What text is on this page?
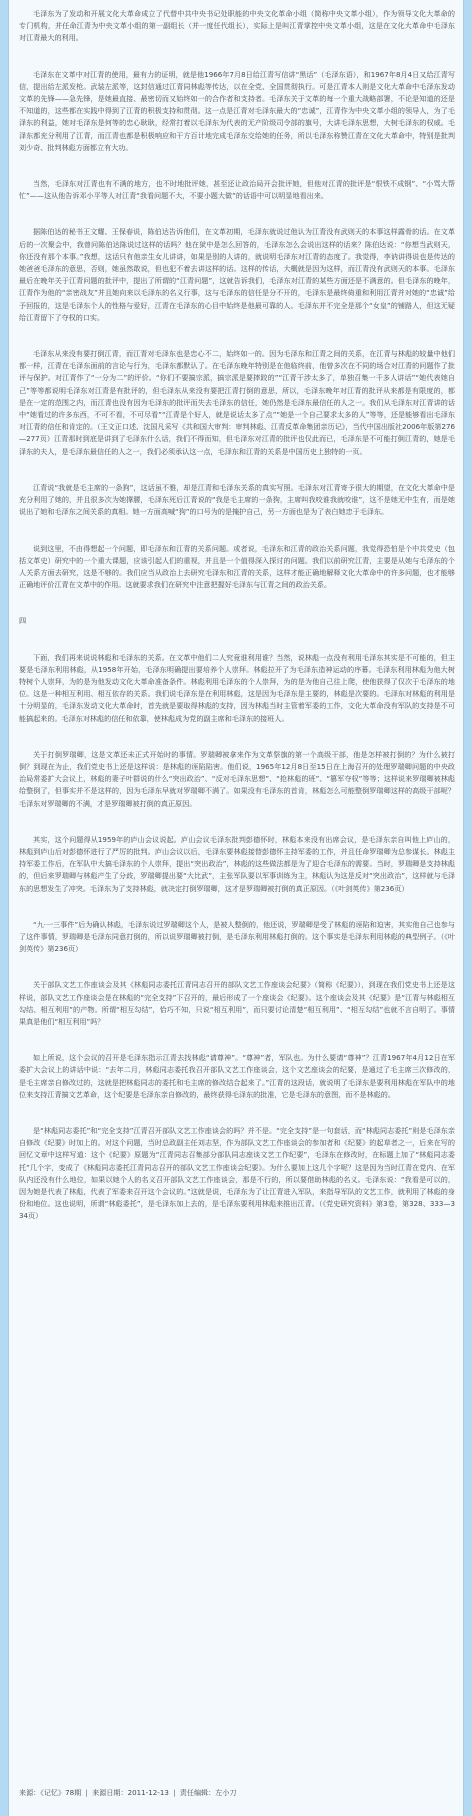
毛泽东为了发动和开展文化大革命成立了代替中共中央书记处职能的中央文化革命小组（简称中央文革小组），作为领导文化大革命的专门机构，并任命江青为中央文革小组的第一副组长（并一度任代组长），实际上是叫江青掌控中央文革小组，这是在文化大革命中毛泽东对江青最大的利用。

毛泽东在文革中对江青的使用，最有力的证明，就是他1966年7月8日给江青写信讲“黑话”（毛泽东语），和1967年8月4日又给江青写信，提出给左派发枪。武装左派等，这封信通过江青同林彪等传达，以在全党、全国贯彻执行。可是江青本人则是文化大革命中毛泽东发动文革的先锋——急先锋，是她最直接、最密切而又始终如一的合作者和支持者。毛泽东关于文革的每一个重大战略部署，不论是知道的还是不知道的，这些都在实践中得到了江青的积极支持和贯彻。这一点是江青对毛泽东最大的“忠诚”，江青作为中央文革小组的领导人，为了毛泽东的利益，她对毛泽东是何等的忠心耿耿，经常打着以毛泽东为代表的无产阶级司令部的旗号，大讲毛泽东思想，大树毛泽东的权威。毛泽东都充分利用了江青，而江青也都是积极响应和干方百计地完成毛泽东交给她的任务，所以毛泽东称赞江青在文化大革命中，特别是批判刘少奇、批判林彪方面都立有大功。

当然，毛泽东对江青也有不满的地方，也不时地批评她，甚至还让政治局开会批评她，但他对江青的批评是“恨铁不成钢”、“小骂大帮忙”——这从他告诉邓小平等人对江青“我看问题不大，不要小题大做”的话语中可以明显地看出来。

据陈伯达的秘书王文耀、王保春说，陈伯达告诉他们，在文革初期，毛泽东就说过他认为江青没有武则天的本事这样露骨的话。在文革后的一次聚会中，我曾问陈伯达陈说过这样的话吗？他在狱中是怎么回答的，毛泽东怎么会说出这样的话来？陈伯达说：“你想当武则天，你还没有那个本事。”我想，这话只有他亲生女儿讲讲，如果是别的人讲的，就说明毛泽东对江青的态度了。我觉得，李讷讲得说也是传达的她爸爸毛泽东的意思，否则，她虽然敢说，但也犯不着去讲这样的话。这样的传话，大概就是因为这样，而江青没有武则天的本事。毛泽东最后在晚年关于江青问题的批评中，提出了所谓的“江青问题”，这就告诉我们，毛泽东对江青的某些方面还是不满意的。但毛泽东的晚年，江青作为他的“亲密战友”并且她向来以毛泽东的名义行事，这与毛泽东的信任是分不开的，毛泽东是最终倚重和利用江青并对她的“忠诚”给予回报的，这是毛泽东个人的性格与爱好，江青在毛泽东的心目中始终是他最可靠的人。毛泽东并不完全是那个“女皇”的铺路人，但这无疑给江青留下了夺权的口实。

毛泽东从来没有要打倒江青，而江青对毛泽东也是忠心不二，始终如一的。因为毛泽东和江青之间的关系，在江青与林彪的较量中他们都一样，江青在毛泽东面前的言论与行为，毛泽东都默认了。在毛泽东晚年特别是在他临终前，他曾多次在不同的场合对江青的问题作了批评与保护。对江青作了“一分为二”的评价。“你们不要搞宗派，搞宗派是要摔跤的”“江青干涉太多了，单独召集一千多人讲话”“她代表她自己”等等都说明毛泽东对江青是有批评的，但毛泽东从来没有要把江青打倒的意思，所以，毛泽东晚年对江青的批评从来都是有限度的，都是在一定的范围之内，而江青也没有因为毛泽东的批评而失去毛泽东的信任，她仍然是毛泽东最信任的人之一。我们从毛泽东对江青讲的话中“她看过的许多东西，不可不看，不可尽看”“江青是个好人，就是说话太多了点”“她是一个自己要求太多的人”等等，还是能够看出毛泽东对江青的信任和肯定的。（王文正口述、沈国凡采写《共和国大审判：审判林彪、江青反革命集团亲历记》，当代中国出版社2006年版第276—277页）江青那时到底是讲到了毛泽东什么话，我们不得而知，但毛泽东对江青的批评也仅此而已，毛泽东是不可能打倒江青的，她是毛泽东的夫人，是毛泽东最信任的人之一，我们必须承认这一点，毛泽东和江青的关系是中国历史上独特的一页。

江青说“我就是毛主席的一条狗”，这话虽不雅，却是江青和毛泽东关系的真实写照。毛泽东对江青寄予很大的期望，在文化大革命中是充分利用了她的，并且很多次为她撑腰，毛泽东死后江青说的“我是毛主席的一条狗，主席叫我咬谁我就咬谁”，这不是她无中生有，而是她说出了她和毛泽东之间关系的真相。她一方面高喊“狗”的口号为的是掩护自己，另一方面也是为了表白她忠于毛泽东。

说到这里，不由得想起一个问题，即毛泽东和江青的关系问题。或者说，毛泽东和江青的政治关系问题，我觉得恐怕是个中共党史（包括文革史）研究中的一个重大课题，应该引起人们的重视，并且是一个值得深入探讨的问题。我们以前研究江青，主要是从她与毛泽东的个人关系方面去研究，这是不够的。我们应当从政治上去研究毛泽东和江青的关系，这样才能正确地解释文化大革命中的许多问题，也才能够正确地评价江青在文革中的作用。这就要求我们在研究中注意把握好毛泽东与江青之间的政治关系。

四

下面，我们再来说说林彪和毛泽东的关系。在文革中他们二人究竟谁利用谁？当然，说林彪一点没有利用毛泽东其实是不可能的，但主要是毛泽东利用林彪，从1958年开始，毛泽东明确提出要培养个人崇拜。林彪拉开了为毛泽东造神运动的序幕。毛泽东利用林彪为他大树特树个人崇拜，为的是为他发动文化大革命准备条件。林彪利用毛泽东的个人崇拜，为的是为他自己往上爬，使他获得了仅次于毛泽东的地位。这是一种相互利用、相互依存的关系。我们说毛泽东是在利用林彪，这是因为毛泽东是主要的，林彪是次要的。毛泽东对林彪的利用是十分明显的，毛泽东发动文化大革命时，首先就是要取得林彪的支持，因为林彪当时主管着军委的工作，文化大革命没有军队的支持是不可能搞起来的。毛泽东对林彪的信任和依靠，使林彪成为党的副主席和毛泽东的接班人。

关于打倒罗瑞卿，这是文革还未正式开始时的事情。罗瑞卿被拿来作为文革祭旗的第一个高级干部，他是怎样被打倒的？为什么被打倒？到现在为止，我们党史书上还是这样说：是林彪的诬陷陷害。他们说，1965年12月8日至15日在上海召开的处理罗瑞卿问题的中央政治局常委扩大会议上，林彪的妻子叶群说的什么“突出政治”、“反对毛泽东思想”、“抢林彪的班”、“篡军夺权”等等；这样说来罗瑞卿被林彪给整倒了，但事实并不是这样的，因为毛泽东早就对罗瑞卿不满了。如果没有毛泽东的首肯，林彪怎么可能整倒罗瑞卿这样的高级干部呢？毛泽东对罗瑞卿的不满，才是罗瑞卿被打倒的真正原因。

其实，这个问题得从1959年的庐山会议说起。庐山会议毛泽东批判彭德怀时，林彪本来没有出席会议，是毛泽东亲自叫他上庐山的，林彪到庐山后对彭德怀进行了严厉的批判。庐山会议以后，毛泽东要林彪接替彭德怀主持军委的工作，并且任命罗瑞卿为总参谋长。林彪主持军委工作后，在军队中大搞毛泽东的个人崇拜，提出“突出政治”，林彪的这些做法都是为了迎合毛泽东的需要。当时，罗瑞卿是支持林彪的，但后来罗瑞卿与林彪产生了分歧，罗瑞卿提出要“大比武”，主张军队要以军事训练为主，林彪认为这是反对“突出政治”，这样就与毛泽东的思想发生了冲突。毛泽东为了支持林彪，就决定打倒罗瑞卿，这才是罗瑞卿被打倒的真正原因。（《叶剑英传》第236页）

“九·一三事件”后为确认林彪，毛泽东说过罗瑞卿这个人，是被人整倒的，他还说，罗瑞卿是受了林彪的诬陷和迫害，其实他自己也参与了这件事情，罗瑞卿是毛泽东同意打倒的，所以说罗瑞卿被打倒，是毛泽东利用林彪打倒的。这个事实是毛泽东利用林彪的典型例子。（《叶剑英传》第236页）

关于部队文艺工作座谈会及其《林彪同志委托江青同志召开的部队文艺工作座谈会纪要》（简称《纪要》），到现在我们党史书上还是这样说，部队文艺工作座谈会是在林彪的“完全支持”下召开的，最后形成了一个座谈会《纪要》。这个座谈会及其《纪要》是“江青与林彪相互勾结、相互利用”的产物。所谓“相互勾结”，恰巧不知，只说“相互利用”，而只要讨论清楚“相互利用”、“相互勾结”也就不言自明了。事情果真是他们“相互利用”吗？

如上所说，这个会议的召开是毛泽东指示江青去找林彪“请尊神”。“尊神”者，军队也。为什么要请“尊神”？江青1967年4月12日在军委扩大会议上的讲话中说：“去年二月，林彪同志委托我召开部队文艺工作座谈会，这个文艺座谈会的纪要，是通过了毛主席三次修改的，是毛主席亲自修改过的，这就是把林彪同志的委托和毛主席的修改结合起来了。”江青的这段话，就说明了毛泽东是要利用林彪在军队中的地位来支持江青搞文艺革命，这个纪要是毛泽东亲自修改的，最终获得毛泽东的批准，它是毛泽东的意图，而不是林彪的。

是“林彪同志委托”和“完全支持”江青召开部队文艺工作座谈会的吗？并不是。“完全支持”是一句套话，而“林彪同志委托”则是毛泽东亲自修改《纪要》时加上的。对这个问题，当时总政副主任刘志坚，作为部队文艺工作座谈会的参加者和《纪要》的起草者之一，后来在写的回忆文章中这样写道：这个《纪要》原题为“江青同志召集部分部队同志座谈文艺工作纪要”，毛泽东在修改时，在标题上加了“林彪同志委托”几个字，变成了《林彪同志委托江青同志召开的部队文艺工作座谈会纪要》。为什么要加上这几个字呢？这是因为当时江青在党内、在军队内还没有什么地位，如果以她个人的名义召开部队文艺工作座谈会，那是不行的，所以要借助林彪的名义。毛泽东说：“我看是可以的，因为她是代表了林彪，代表了军委来召开这个会议的。”这就是说，毛泽东为了让江青进入军队，来指导军队的文艺工作，就利用了林彪的身份和地位。这也说明，所谓“林彪委托”，是毛泽东加上去的，是毛泽东要利用林彪来推出江青。（《党史研究资料》第3卷，第328、333—334页）

来源：《记忆》78期 | 来源日期：2011-12-13 | 责任编辑：左小刀
